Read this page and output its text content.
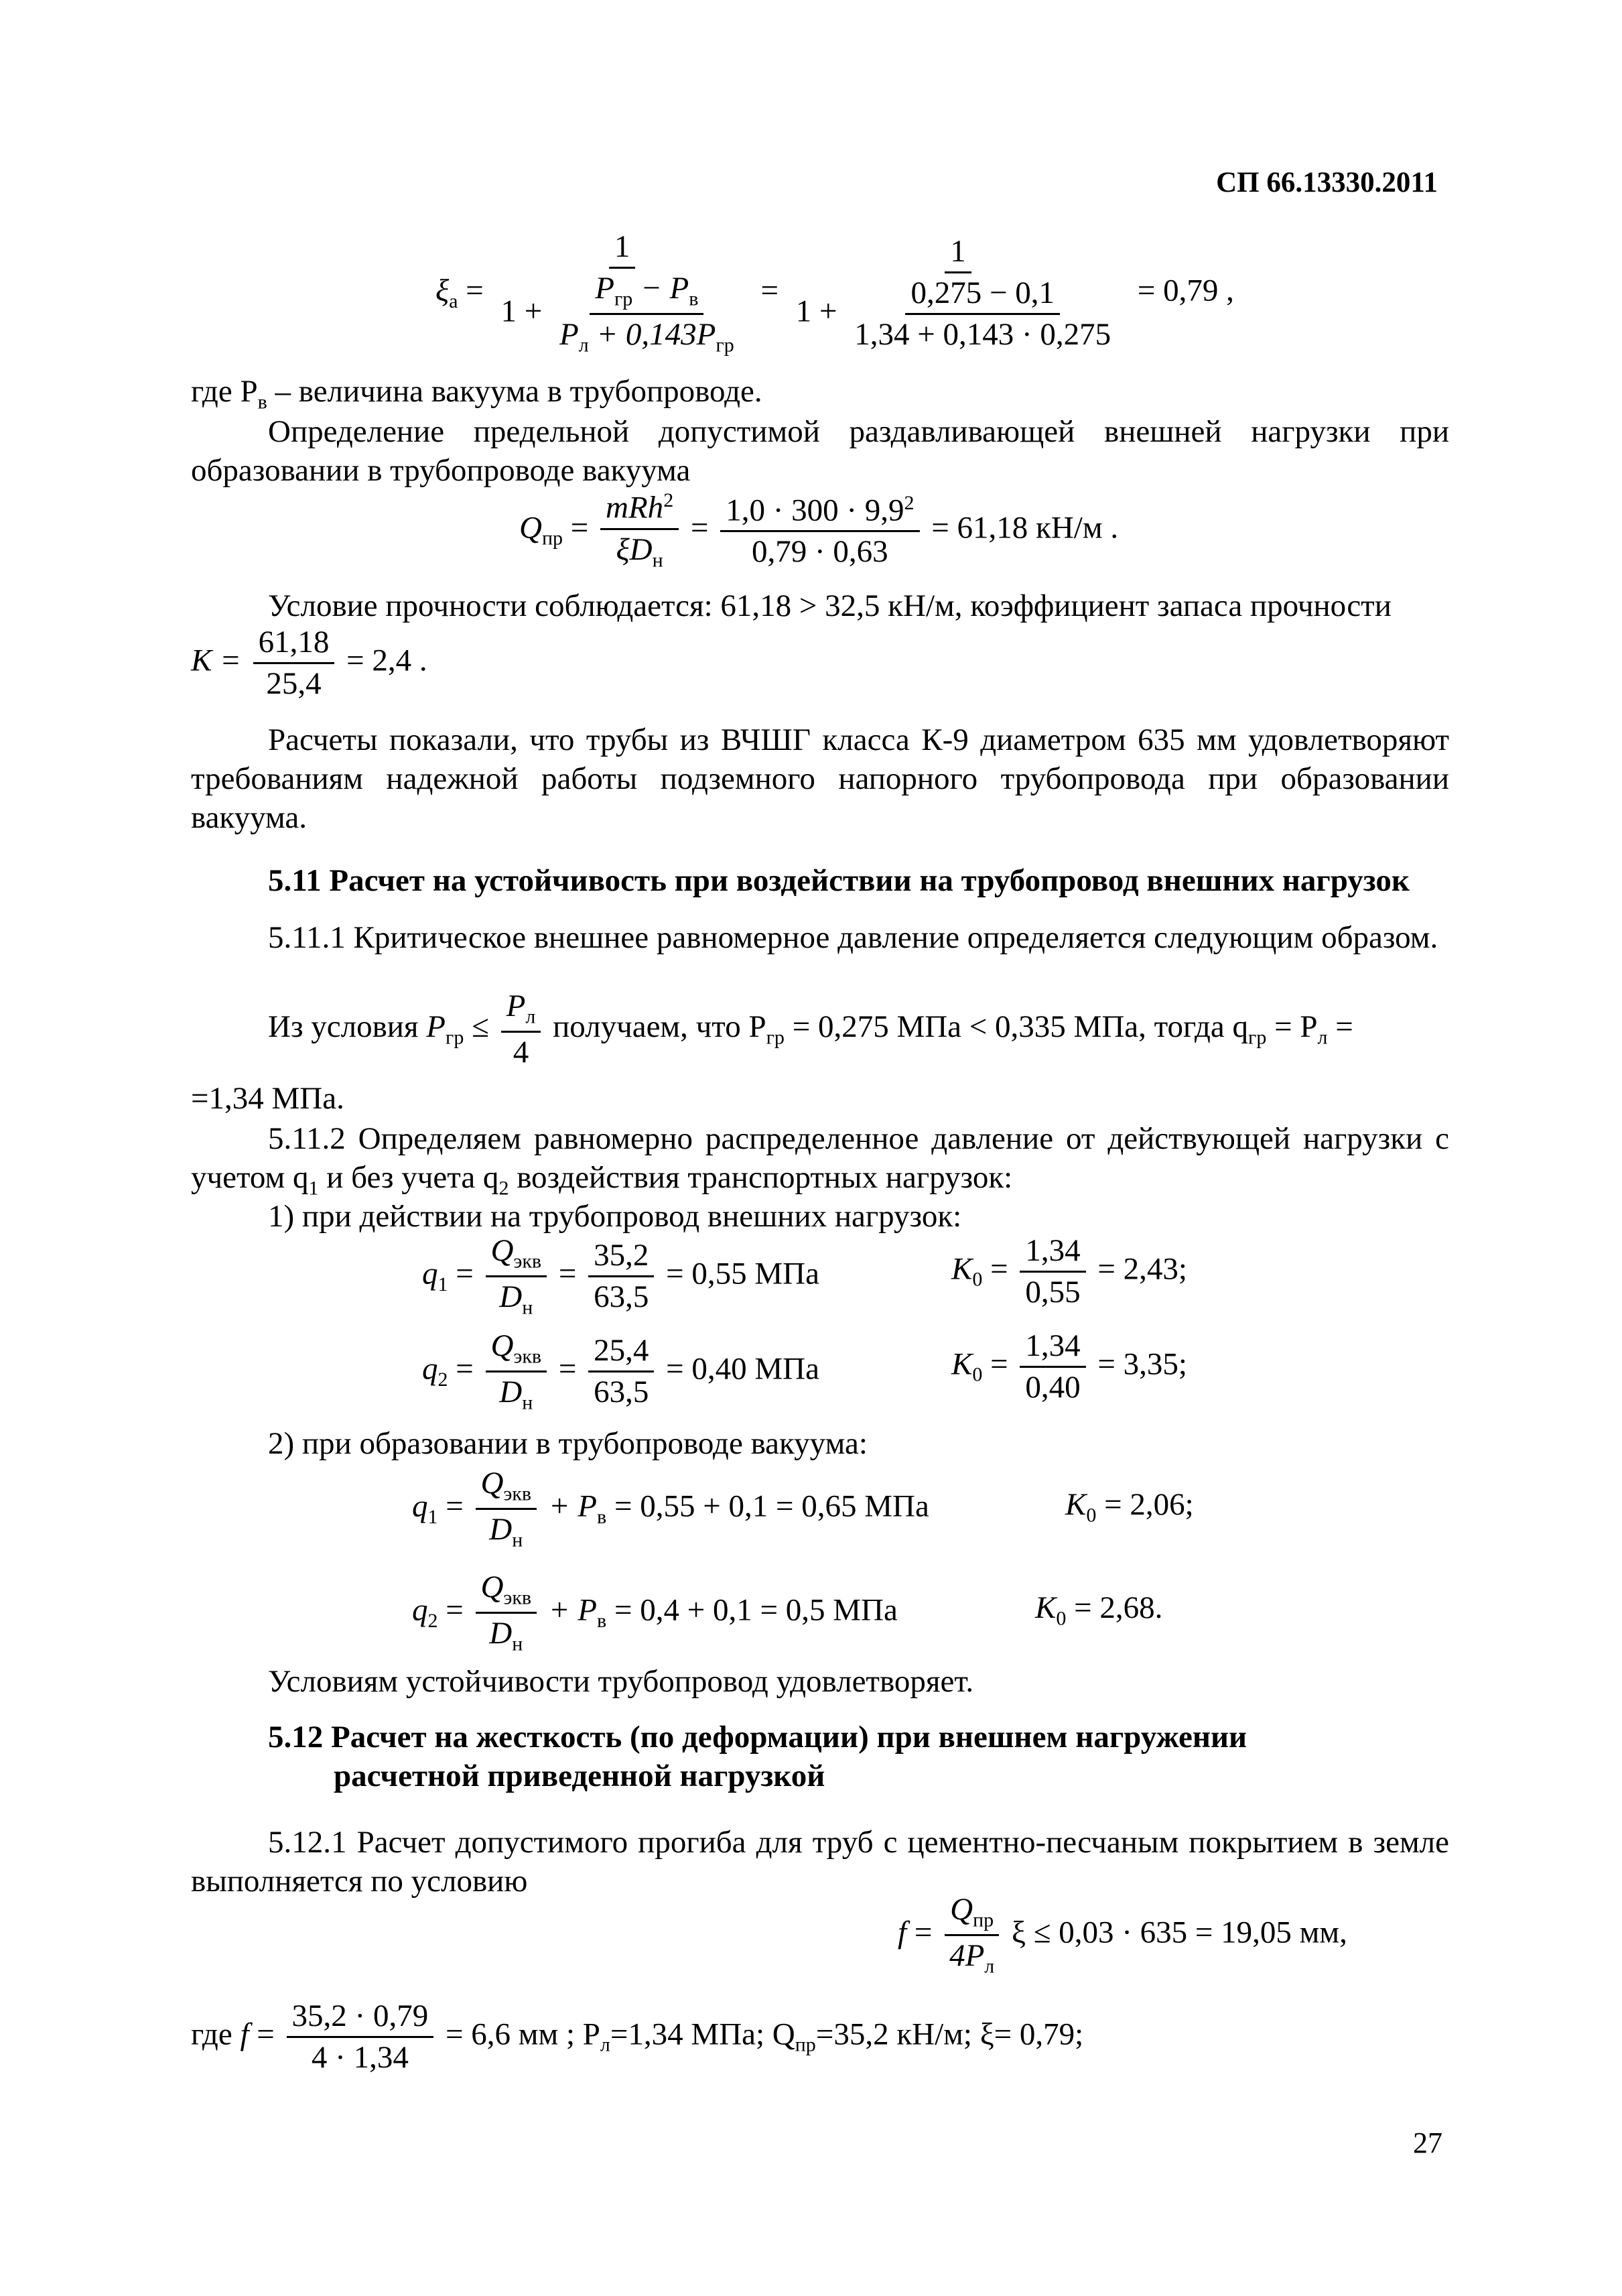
СП 66.13330.2011
$\xi_а = \frac{1}{1 + \frac{P_{гр} - P_в}{P_л + 0,143P_{гр}}}$ =
1
$1 + \frac{0,275 - 0,1}{1,34 + 0,143 \cdot 0,275} = 0,79$ ,
где $P_в$ – величина вакуума в трубопроводе.
Определение предельной допустимой раздавливающей внешней нагрузки при образовании в трубопроводе вакуума
$Q_{пр} = \frac{mRh^2}{\xi D_н} = \frac{1,0 \cdot 300 \cdot 9,9^2}{0,79 \cdot 0,63} = 61,18$ кН/м .
Условие прочности соблюдается: 61,18 > 32,5 кН/м, коэффициент запаса прочности
$K = \frac{61,18}{25,4} = 2,4$ .
Расчеты показали, что трубы из ВЧШГ класса К-9 диаметром 635 мм удовлетворяют требованиям надежной работы подземного напорного трубопровода при образовании вакуума.
5.11 Расчет на устойчивость при воздействии на трубопровод внешних нагрузок
5.11.1 Критическое внешнее равномерное давление определяется следующим образом.
Из условия $P_{гр} \le \frac{P_л}{4}$ получаем, что $P_{гр} = 0,275$ МПа < 0,335 МПа, тогда $q_{гр} = P_л$ =
=1,34 МПа.
5.11.2 Определяем равномерно распределенное давление от действующей нагрузки с учетом $q_1$ и без учета $q_2$ воздействия транспортных нагрузок:
1) при действии на трубопровод внешних нагрузок:
$q_1 = \frac{Q_{экв}}{D_н} = \frac{35,2}{63,5} = 0,55$ МПа	$K_0 = \frac{1,34}{0,55} = 2,43$;
$q_2 = \frac{Q_{экв}}{D_н} = \frac{25,4}{63,5} = 0,40$ МПа	$K_0 = \frac{1,34}{0,40} = 3,35$;
2) при образовании в трубопроводе вакуума:
$q_1 = \frac{Q_{экв}}{D_н} + P_в = 0,55 + 0,1 = 0,65$ МПа	$K_0 = 2,06$;
$q_2 = \frac{Q_{экв}}{D_н} + P_в = 0,4 + 0,1 = 0,5$ МПа	$K_0 = 2,68$.
Условиям устойчивости трубопровод удовлетворяет.
5.12 Расчет на жесткость (по деформации) при внешнем нагружении
расчетной приведенной нагрузкой
5.12.1 Расчет допустимого прогиба для труб с цементно-песчаным покрытием в земле выполняется по условию
$f = \frac{Q_{пр}}{4P_л}$ ξ ≤ 0,03 · 635 = 19,05 мм,
где $f = \frac{35,2 \cdot 0,79}{4 \cdot 1,34} = 6,6$ мм ; $P_л=1,34$ МПа; $Q_{пр}=35,2$ кН/м; ξ= 0,79;
27
